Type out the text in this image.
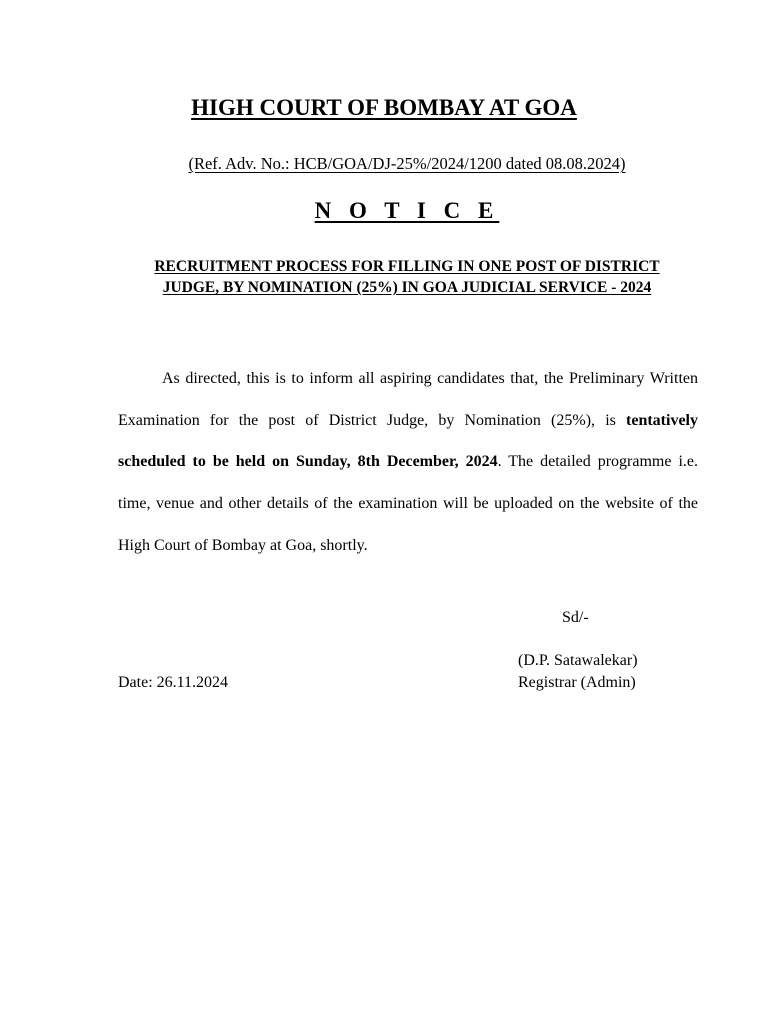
HIGH COURT OF BOMBAY AT GOA
(Ref. Adv. No.: HCB/GOA/DJ-25%/2024/1200 dated 08.08.2024)
N O T I C E
RECRUITMENT PROCESS FOR FILLING IN ONE POST OF DISTRICT JUDGE, BY NOMINATION (25%) IN GOA JUDICIAL SERVICE - 2024
As directed, this is to inform all aspiring candidates that, the Preliminary Written Examination for the post of District Judge, by Nomination (25%), is tentatively scheduled to be held on Sunday, 8th December, 2024. The detailed programme i.e. time, venue and other details of the examination will be uploaded on the website of the High Court of Bombay at Goa, shortly.
Sd/-
(D.P. Satawalekar)
Date: 26.11.2024	Registrar (Admin)
